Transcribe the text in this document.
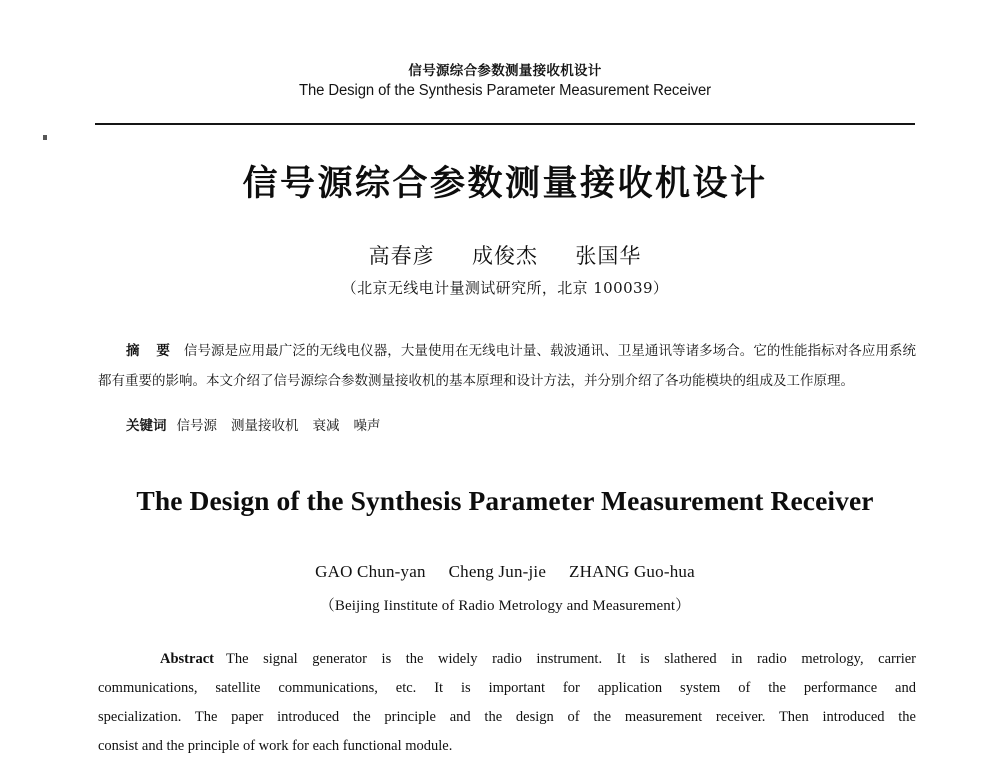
信号源综合参数测量接收机设计
The Design of the Synthesis Parameter Measurement Receiver
信号源综合参数测量接收机设计
高春彦 成俊杰 张国华
（北京无线电计量测试研究所，北京 100039）

摘 要 信号源是应用最广泛的无线电仪器，大量使用在无线电计量、载波通讯、卫星通讯等诸多场合。它的性能指标对各应用系统都有重要的影响。本文介绍了信号源综合参数测量接收机的基本原理和设计方法，并分别介绍了各功能模块的组成及工作原理。

关键词 信号源 测量接收机 衰减 噪声
The Design of the Synthesis Parameter Measurement Receiver
GAO Chun-yan Cheng Jun-jie ZHANG Guo-hua
（Beijing Iinstitute of Radio Metrology and Measurement）

Abstract The signal generator is the widely radio instrument. It is slathered in radio metrology, carrier

communications, satellite communications, etc. It is important for application system of the performance and

specialization. The paper introduced the principle and the design of the measurement receiver. Then introduced the

consist and the principle of work for each functional module.
